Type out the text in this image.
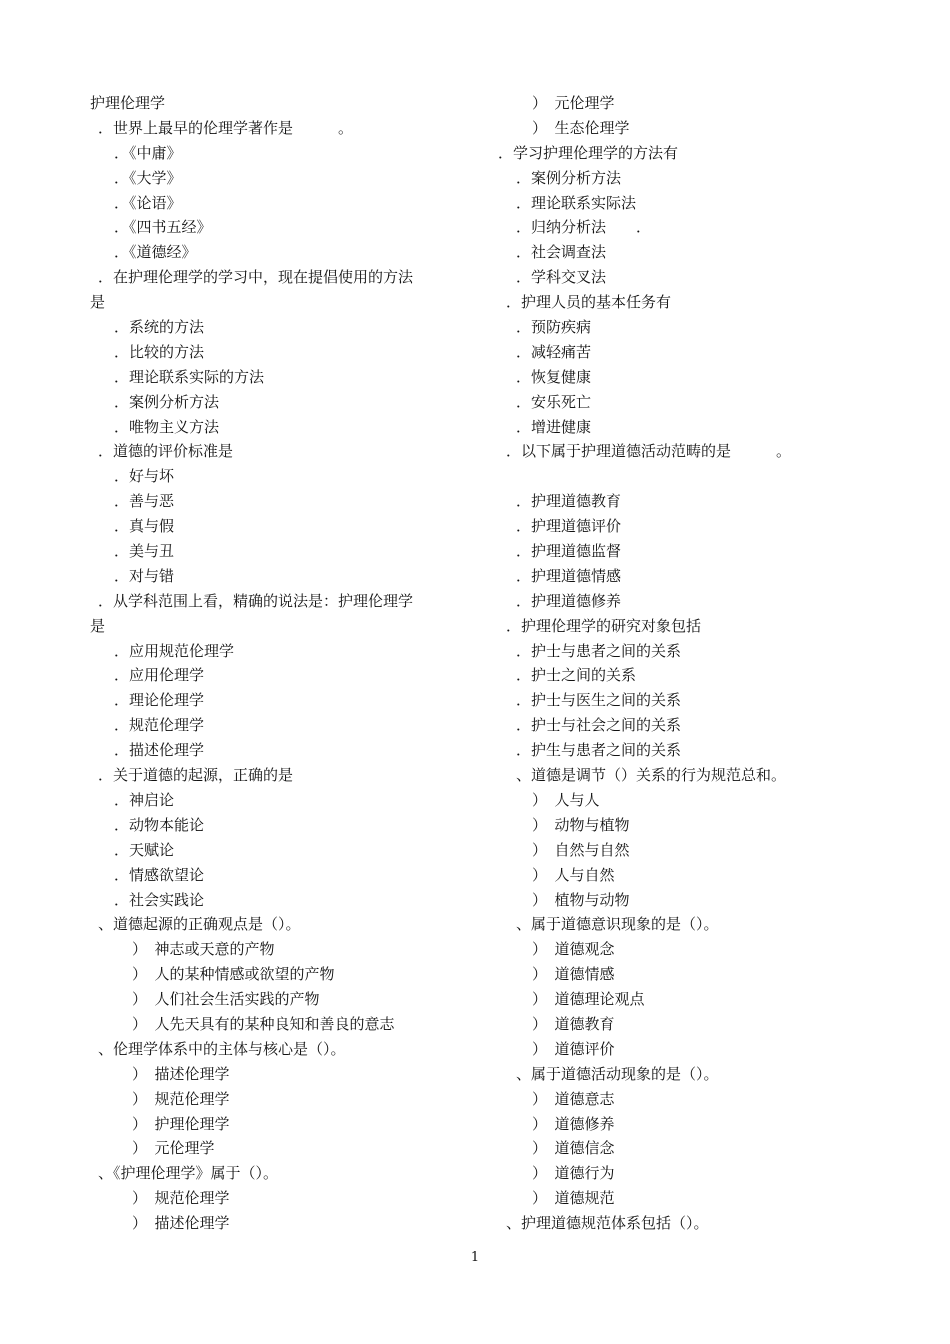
护理伦理学
．世界上最早的伦理学著作是　　　。
．《中庸》
．《大学》
．《论语》
．《四书五经》
．《道德经》
．在护理伦理学的学习中，现在提倡使用的方法
是
．系统的方法
．比较的方法
．理论联系实际的方法
．案例分析方法
．唯物主义方法
．道德的评价标准是
．好与坏
．善与恶
．真与假
．美与丑
．对与错
．从学科范围上看，精确的说法是：护理伦理学
是
．应用规范伦理学
．应用伦理学
．理论伦理学
．规范伦理学
．描述伦理学
．关于道德的起源，正确的是
．神启论
．动物本能论
．天赋论
．情感欲望论
．社会实践论
、道德起源的正确观点是（）。
）　神志或天意的产物
）　人的某种情感或欲望的产物
）　人们社会生活实践的产物
）　人先天具有的某种良知和善良的意志
、伦理学体系中的主体与核心是（）。
）　描述伦理学
）　规范伦理学
）　护理伦理学
）　元伦理学
、《护理伦理学》属于（）。
）　规范伦理学
）　描述伦理学
）　元伦理学
）　生态伦理学
．学习护理伦理学的方法有
．案例分析方法
．理论联系实际法
．归纳分析法　　．
．社会调查法
．学科交叉法
．护理人员的基本任务有
．预防疾病
．减轻痛苦
．恢复健康
．安乐死亡
．增进健康
．以下属于护理道德活动范畴的是　　　。
．护理道德教育
．护理道德评价
．护理道德监督
．护理道德情感
．护理道德修养
．护理伦理学的研究对象包括
．护士与患者之间的关系
．护士之间的关系
．护士与医生之间的关系
．护士与社会之间的关系
．护生与患者之间的关系
、道德是调节（）关系的行为规范总和。
）　人与人
）　动物与植物
）　自然与自然
）　人与自然
）　植物与动物
、属于道德意识现象的是（）。
）　道德观念
）　道德情感
）　道德理论观点
）　道德教育
）　道德评价
、属于道德活动现象的是（）。
）　道德意志
）　道德修养
）　道德信念
）　道德行为
）　道德规范
、护理道德规范体系包括（）。
1
